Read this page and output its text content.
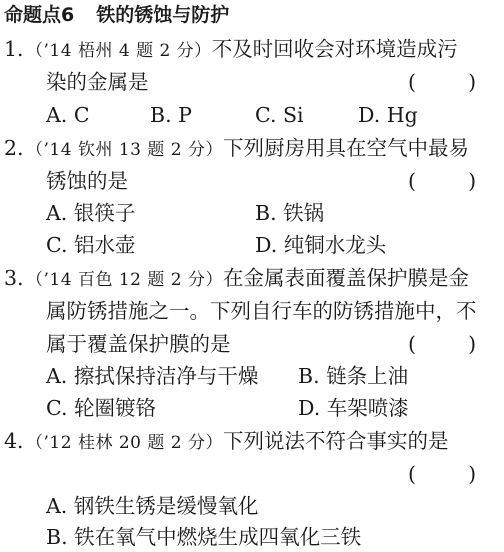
命题点6 铁的锈蚀与防护
1. （’14 梧州 4 题 2 分）不及时回收会对环境造成污
染的金属是	(        )
A. C	B. P	C. Si	D. Hg
2. （’14 钦州 13 题 2 分）下列厨房用具在空气中最易
锈蚀的是	(        )
A. 银筷子	B. 铁锅
C. 铝水壶	D. 纯铜水龙头
3. （’14 百色 12 题 2 分）在金属表面覆盖保护膜是金
属防锈措施之一。下列自行车的防锈措施中，不
属于覆盖保护膜的是	(        )
A. 擦拭保持洁净与干燥 B. 链条上油
C. 轮圈镀铬	D. 车架喷漆
4. （’12 桂林 20 题 2 分）下列说法不符合事实的是
(        )
A. 钢铁生锈是缓慢氧化
B. 铁在氧气中燃烧生成四氧化三铁
